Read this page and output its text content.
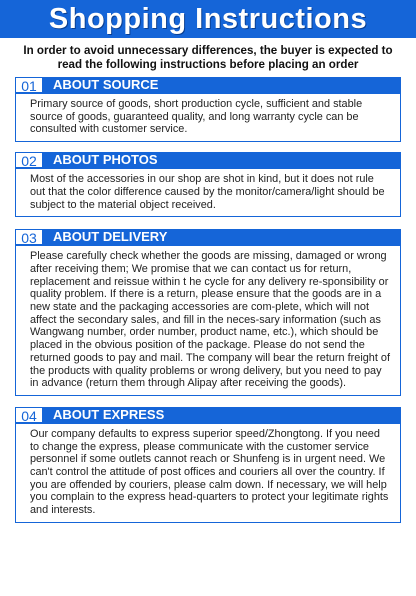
Shopping Instructions
In order to avoid unnecessary differences, the buyer is expected to read the following instructions before placing an order
01	ABOUT SOURCE

Primary source of goods, short production cycle, sufficient and stable source of goods, guaranteed quality, and long warranty cycle can be consulted with customer service.

02	ABOUT PHOTOS

Most of the accessories in our shop are shot in kind, but it does not rule out that the color difference caused by the monitor/camera/light should be subject to the material object received.

03	ABOUT DELIVERY

Please carefully check whether the goods are missing, damaged or wrong after receiving them; We promise that we can contact us for return, replacement and reissue within t he cycle for any delivery re-sponsibility or quality problem. If there is a return, please ensure that the goods are in a new state and the packaging accessories are com-plete, which will not affect the secondary sales, and fill in the neces-sary information (such as Wangwang number, order number, product name, etc.), which should be placed in the obvious position of the package. Please do not send the returned goods to pay and mail. The company will bear the return freight of the products with quality problems or wrong delivery, but you need to pay in advance (return them through Alipay after receiving the goods).

04	ABOUT EXPRESS

Our company defaults to express superior speed/Zhongtong. If you need to change the express, please communicate with the customer service personnel if some outlets cannot reach or Shunfeng is in urgent need. We can't control the attitude of post offices and couriers all over the country. If you are offended by couriers, please calm down. If necessary, we will help you complain to the express head-quarters to protect your legitimate rights and interests.
